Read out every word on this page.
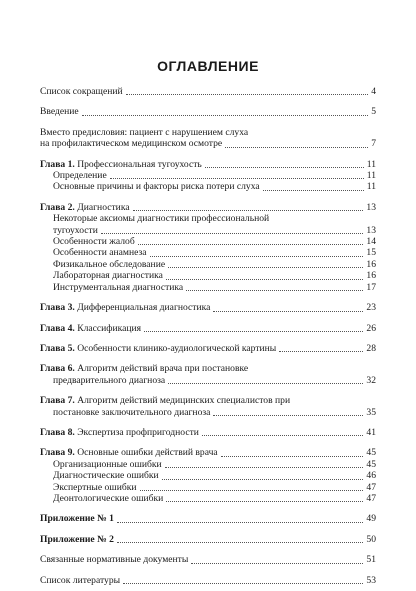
ОГЛАВЛЕНИЕ
Список сокращений	4
Введение	5
Вместо предисловия: пациент с нарушением слуха
на профилактическом медицинском осмотре	7
Глава 1. Профессиональная тугоухость	11
Определение	11
Основные причины и факторы риска потери слуха	11
Глава 2. Диагностика	13
Некоторые аксиомы диагностики профессиональной
тугоухости	13
Особенности жалоб	14
Особенности анамнеза	15
Физикальное обследование	16
Лабораторная диагностика	16
Инструментальная диагностика	17
Глава 3. Дифференциальная диагностика	23
Глава 4. Классификация	26
Глава 5. Особенности клинико-аудиологической картины	28
Глава 6. Алгоритм действий врача при постановке
предварительного диагноза	32
Глава 7. Алгоритм действий медицинских специалистов при
постановке заключительного диагноза	35
Глава 8. Экспертиза профпригодности	41
Глава 9. Основные ошибки действий врача	45
Организационные ошибки	45
Диагностические ошибки	46
Экспертные ошибки	47
Деонтологические ошибки	47
Приложение № 1	49
Приложение № 2	50
Связанные нормативные документы	51
Список литературы	53
